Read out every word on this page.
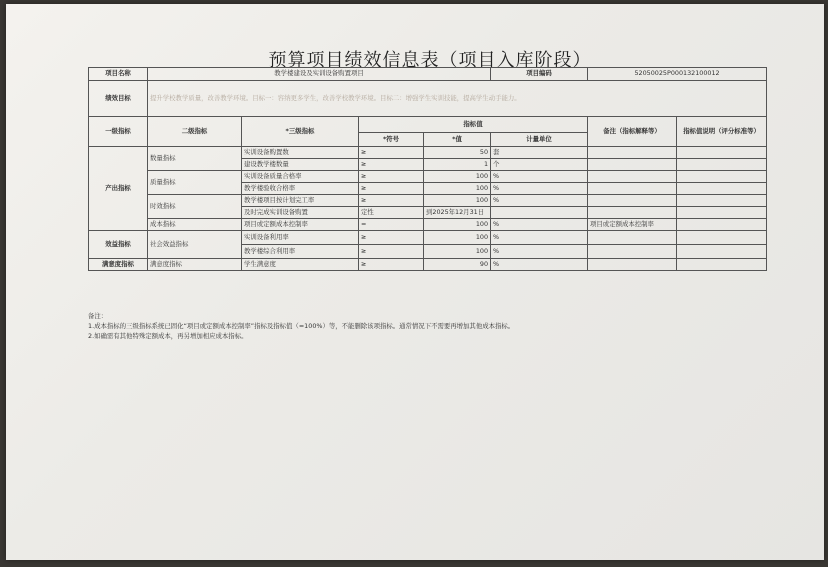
预算项目绩效信息表（项目入库阶段）
项目名称	教学楼建设及实训设备购置项目				项目编码	52050025P000132100012	
绩效目标	提升学校教学质量，改善教学环境。目标一：容纳更多学生，改善学校教学环境。目标二：增强学生实训技能，提高学生动手能力。						
一级指标	二级指标	*三级指标	指标值			备注（指标解释等）	指标值说明（评分标准等）
			*符号	*值	计量单位		
产出指标	数量指标	实训设备购置数	≥	50	套		
		建设教学楼数量	≥	1	个		
	质量指标	实训设备质量合格率	≥	100	%		
		教学楼验收合格率	≥	100	%		
	时效指标	教学楼项目按计划完工率	≥	100	%		
		及时完成实训设备购置	定性	到2025年12月31日			
	成本指标	项目或定额成本控制率	=	100	%	项目或定额成本控制率	
效益指标	社会效益指标	实训设备利用率	≥	100	%		
		教学楼综合利用率	≥	100	%		
满意度指标	满意度指标	学生满意度	≥	90	%		
备注：
1.成本指标的三级指标系统已固化“项目或定额成本控制率”指标及指标值（=100%）等，不能删除该项指标。通常情况下不需要再增加其他成本指标。
2.如确需有其他特殊定额成本，再另增加相应成本指标。
